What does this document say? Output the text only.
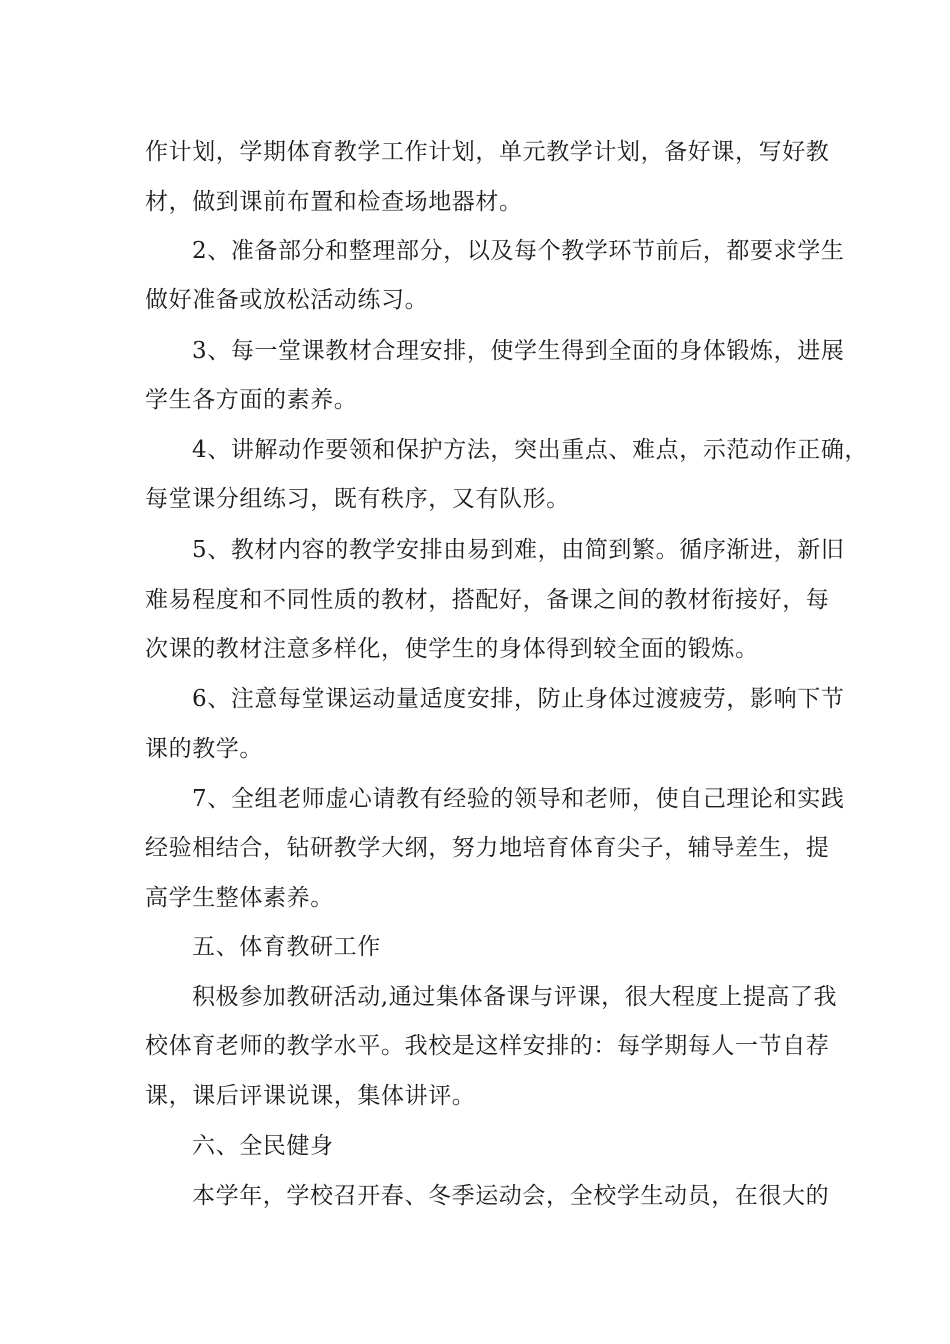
作计划，学期体育教学工作计划，单元教学计划，备好课，写好教
材，做到课前布置和检查场地器材。
2、准备部分和整理部分，以及每个教学环节前后，都要求学生
做好准备或放松活动练习。
3、每一堂课教材合理安排，使学生得到全面的身体锻炼，进展
学生各方面的素养。
4、讲解动作要领和保护方法，突出重点、难点，示范动作正确，
每堂课分组练习，既有秩序，又有队形。
5、教材内容的教学安排由易到难，由简到繁。循序渐进，新旧
难易程度和不同性质的教材，搭配好，备课之间的教材衔接好，每
次课的教材注意多样化，使学生的身体得到较全面的锻炼。
6、注意每堂课运动量适度安排，防止身体过渡疲劳，影响下节
课的教学。
7、全组老师虚心请教有经验的领导和老师，使自己理论和实践
经验相结合，钻研教学大纲，努力地培育体育尖子，辅导差生，提
高学生整体素养。
五、体育教研工作
积极参加教研活动,通过集体备课与评课，很大程度上提高了我
校体育老师的教学水平。我校是这样安排的：每学期每人一节自荐
课，课后评课说课，集体讲评。
六、全民健身
本学年，学校召开春、冬季运动会，全校学生动员，在很大的
